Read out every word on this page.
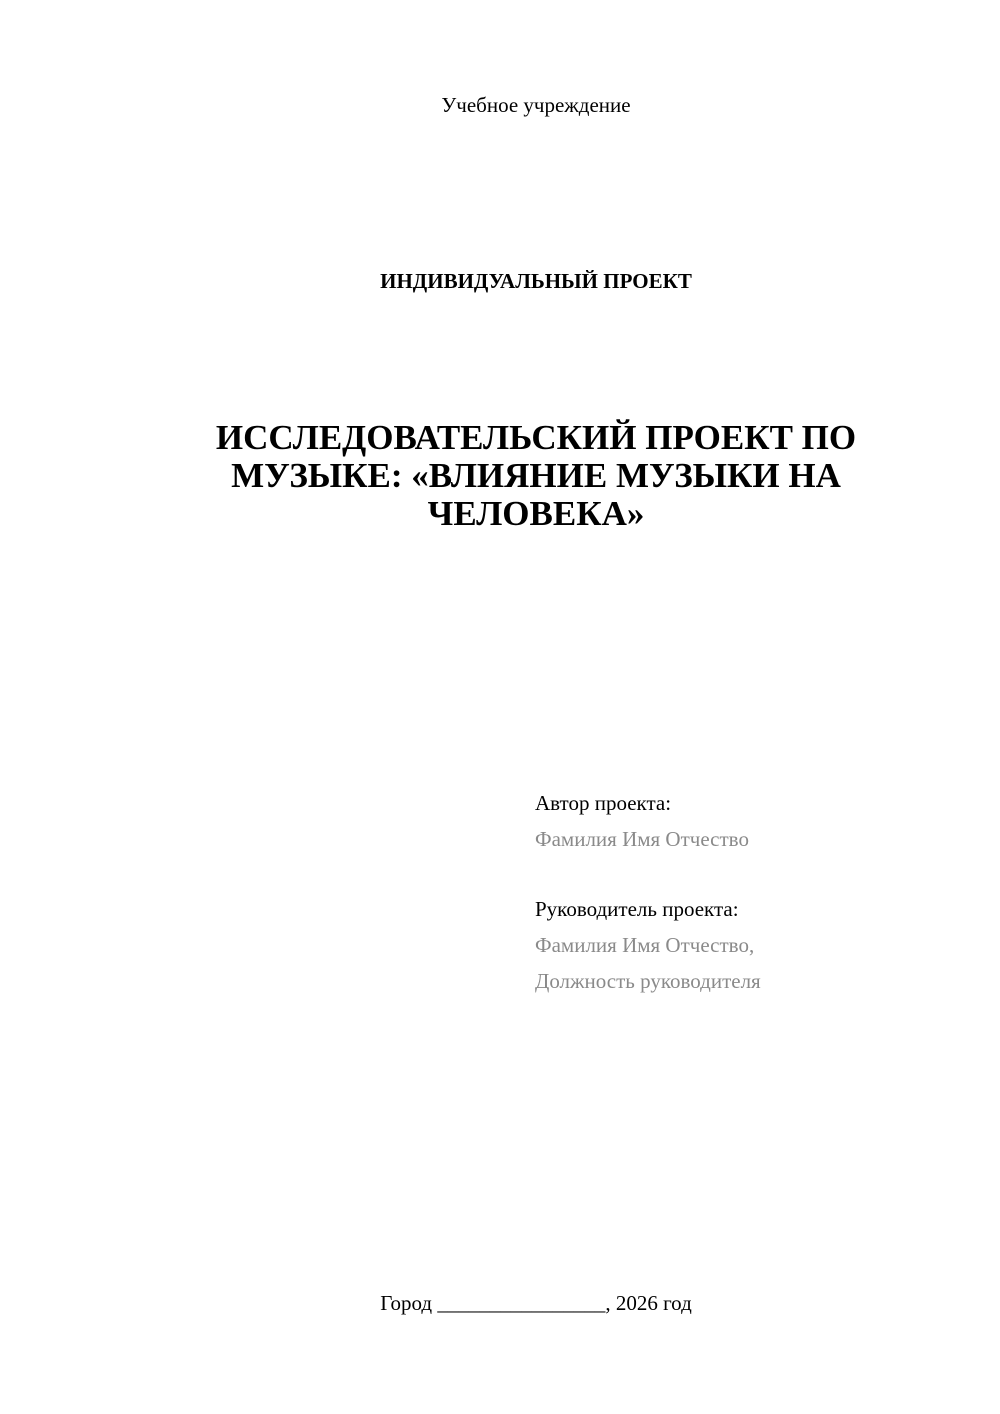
Учебное учреждение
ИНДИВИДУАЛЬНЫЙ ПРОЕКТ
ИССЛЕДОВАТЕЛЬСКИЙ ПРОЕКТ ПО
МУЗЫКЕ: «ВЛИЯНИЕ МУЗЫКИ НА
ЧЕЛОВЕКА»
Автор проекта:
Фамилия Имя Отчество
Руководитель проекта:
Фамилия Имя Отчество,
Должность руководителя
Город ________________, 2026 год
